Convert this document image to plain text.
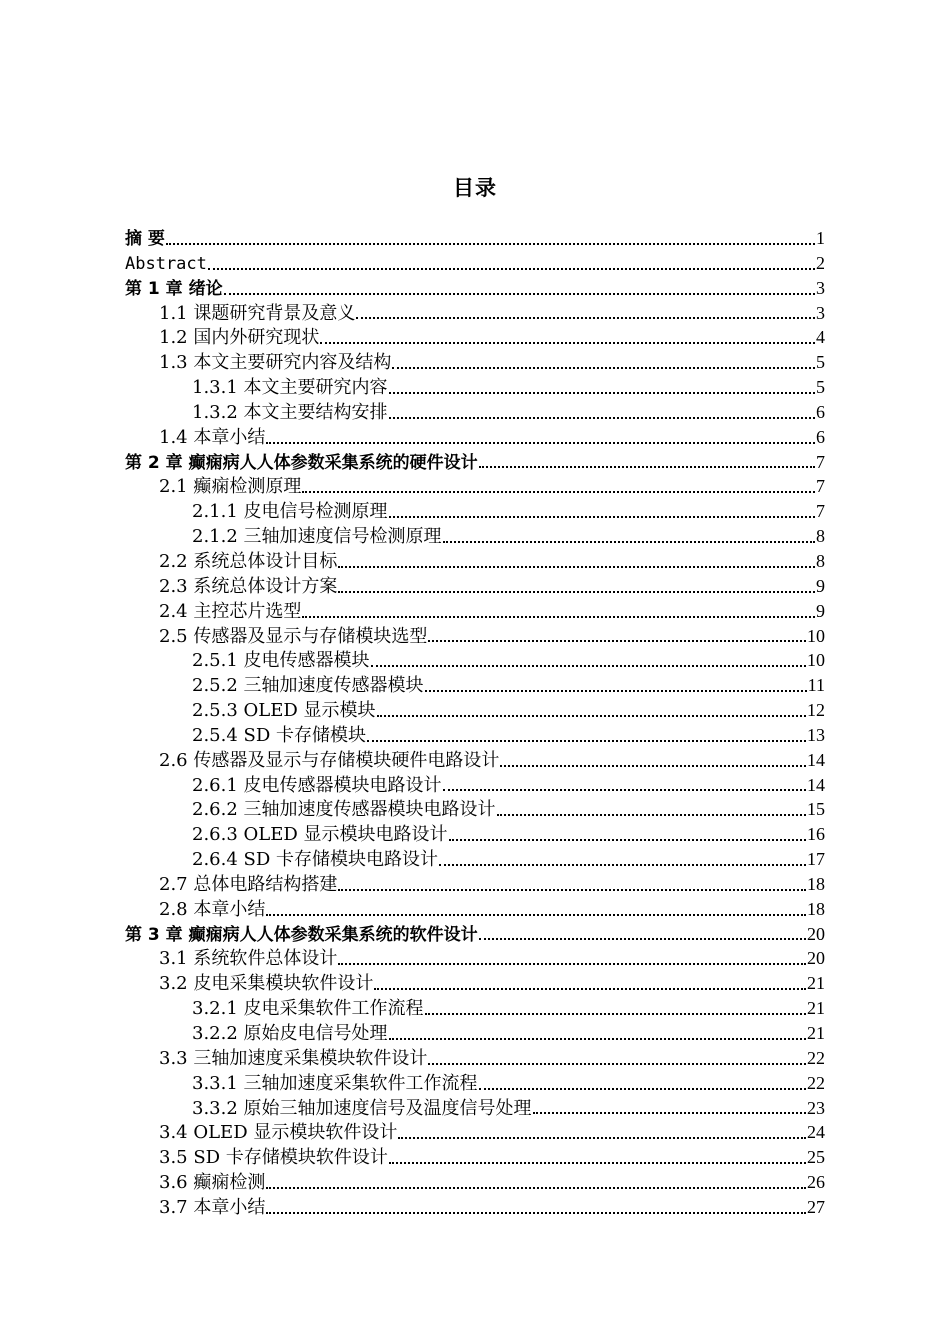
目录
摘 要	1
Abstract	2
第 1 章 绪论	3
1.1 课题研究背景及意义	3
1.2 国内外研究现状	4
1.3 本文主要研究内容及结构	5
1.3.1 本文主要研究内容	5
1.3.2 本文主要结构安排	6
1.4 本章小结	6
第 2 章 癫痫病人人体参数采集系统的硬件设计	7
2.1 癫痫检测原理	7
2.1.1 皮电信号检测原理	7
2.1.2 三轴加速度信号检测原理	8
2.2 系统总体设计目标	8
2.3 系统总体设计方案	9
2.4 主控芯片选型	9
2.5 传感器及显示与存储模块选型	10
2.5.1 皮电传感器模块	10
2.5.2 三轴加速度传感器模块	11
2.5.3 OLED 显示模块	12
2.5.4 SD 卡存储模块	13
2.6 传感器及显示与存储模块硬件电路设计	14
2.6.1 皮电传感器模块电路设计	14
2.6.2 三轴加速度传感器模块电路设计	15
2.6.3 OLED 显示模块电路设计	16
2.6.4 SD 卡存储模块电路设计	17
2.7 总体电路结构搭建	18
2.8 本章小结	18
第 3 章 癫痫病人人体参数采集系统的软件设计	20
3.1 系统软件总体设计	20
3.2 皮电采集模块软件设计	21
3.2.1 皮电采集软件工作流程	21
3.2.2 原始皮电信号处理	21
3.3 三轴加速度采集模块软件设计	22
3.3.1 三轴加速度采集软件工作流程	22
3.3.2 原始三轴加速度信号及温度信号处理	23
3.4 OLED 显示模块软件设计	24
3.5 SD 卡存储模块软件设计	25
3.6 癫痫检测	26
3.7 本章小结	27
